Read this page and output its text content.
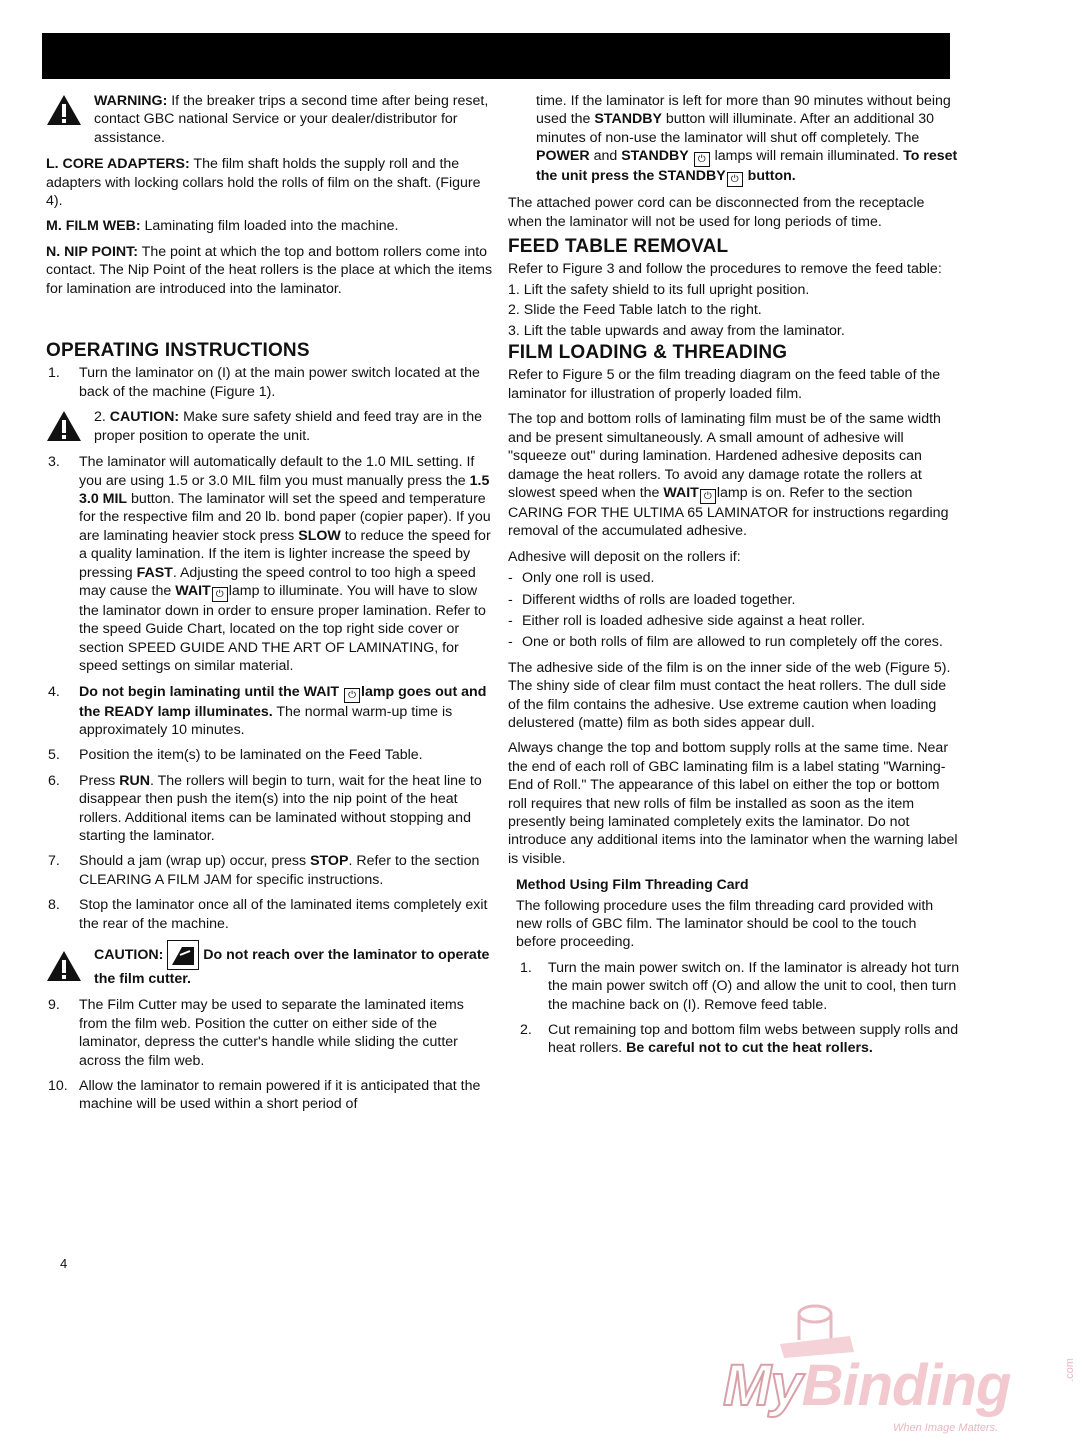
WARNING: If the breaker trips a second time after being reset, contact GBC national Service or your dealer/distributor for assistance.

L. CORE ADAPTERS: The film shaft holds the supply roll and the adapters with locking collars hold the rolls of film on the shaft. (Figure 4).

M. FILM WEB: Laminating film loaded into the machine.

N. NIP POINT: The point at which the top and bottom rollers come into contact. The Nip Point of the heat rollers is the place at which the items for lamination are introduced into the laminator.

OPERATING INSTRUCTIONS
1. Turn the laminator on (I) at the main power switch located at the back of the machine (Figure 1).
2. CAUTION: Make sure safety shield and feed tray are in the proper position to operate the unit.
3. The laminator will automatically default to the 1.0 MIL setting. If you are using 1.5 or 3.0 MIL film you must manually press the 1.5 3.0 MIL button. The laminator will set the speed and temperature for the respective film and 20 lb. bond paper (copier paper). If you are laminating heavier stock press SLOW to reduce the speed for a quality lamination. If the item is lighter increase the speed by pressing FAST. Adjusting the speed control to too high a speed may cause the WAIT ⏻ lamp to illuminate. You will have to slow the laminator down in order to ensure proper lamination. Refer to the speed Guide Chart, located on the top right side cover or section SPEED GUIDE AND THE ART OF LAMINATING, for speed settings on similar material.
4. Do not begin laminating until the WAIT ⏻ lamp goes out and the READY lamp illuminates. The normal warm-up time is approximately 10 minutes.
5. Position the item(s) to be laminated on the Feed Table.
6. Press RUN. The rollers will begin to turn, wait for the heat line to disappear then push the item(s) into the nip point of the heat rollers. Additional items can be laminated without stopping and starting the laminator.
7. Should a jam (wrap up) occur, press STOP. Refer to the section CLEARING A FILM JAM for specific instructions.
8. Stop the laminator once all of the laminated items completely exit the rear of the machine.
CAUTION:	Do not reach over the laminator to operate the film cutter.
9. The Film Cutter may be used to separate the laminated items from the film web. Position the cutter on either side of the laminator, depress the cutter's handle while sliding the cutter across the film web.
10. Allow the laminator to remain powered if it is anticipated that the machine will be used within a short period of

time. If the laminator is left for more than 90 minutes without being used the STANDBY button will illuminate. After an additional 30 minutes of non-use the laminator will shut off completely. The POWER and STANDBY ⏻ lamps will remain illuminated. To reset the unit press the STANDBY ⏻ button.

The attached power cord can be disconnected from the receptacle when the laminator will not be used for long periods of time.

FEED TABLE REMOVAL

Refer to Figure 3 and follow the procedures to remove the feed table:

1. Lift the safety shield to its full upright position.
2. Slide the Feed Table latch to the right.
3. Lift the table upwards and away from the laminator.
FILM LOADING & THREADING

Refer to Figure 5 or the film treading diagram on the feed table of the laminator for illustration of properly loaded film.

The top and bottom rolls of laminating film must be of the same width and be present simultaneously. A small amount of adhesive will "squeeze out" during lamination. Hardened adhesive deposits can damage the heat rollers. To avoid any damage rotate the rollers at slowest speed when the WAIT ⏻ lamp is on. Refer to the section CARING FOR THE ULTIMA 65 LAMINATOR for instructions regarding removal of the accumulated adhesive.

Adhesive will deposit on the rollers if:

- Only one roll is used.
- Different widths of rolls are loaded together.
- Either roll is loaded adhesive side against a heat roller.
- One or both rolls of film are allowed to run completely off the cores.

The adhesive side of the film is on the inner side of the web (Figure 5). The shiny side of clear film must contact the heat rollers. The dull side of the film contains the adhesive. Use extreme caution when loading delustered (matte) film as both sides appear dull.

Always change the top and bottom supply rolls at the same time. Near the end of each roll of GBC laminating film is a label stating "Warning-End of Roll." The appearance of this label on either the top or bottom roll requires that new rolls of film be installed as soon as the item presently being laminated completely exits the laminator. Do not introduce any additional items into the laminator when the warning label is visible.

Method Using Film Threading Card

The following procedure uses the film threading card provided with new rolls of GBC film. The laminator should be cool to the touch before proceeding.

1. Turn the main power switch on. If the laminator is already hot turn the main power switch off (O) and allow the unit to cool, then turn the machine back on (I). Remove feed table.
2. Cut remaining top and bottom film webs between supply rolls and heat rollers. Be careful not to cut the heat rollers.
4
MyBinding	.com
When Image Matters.
